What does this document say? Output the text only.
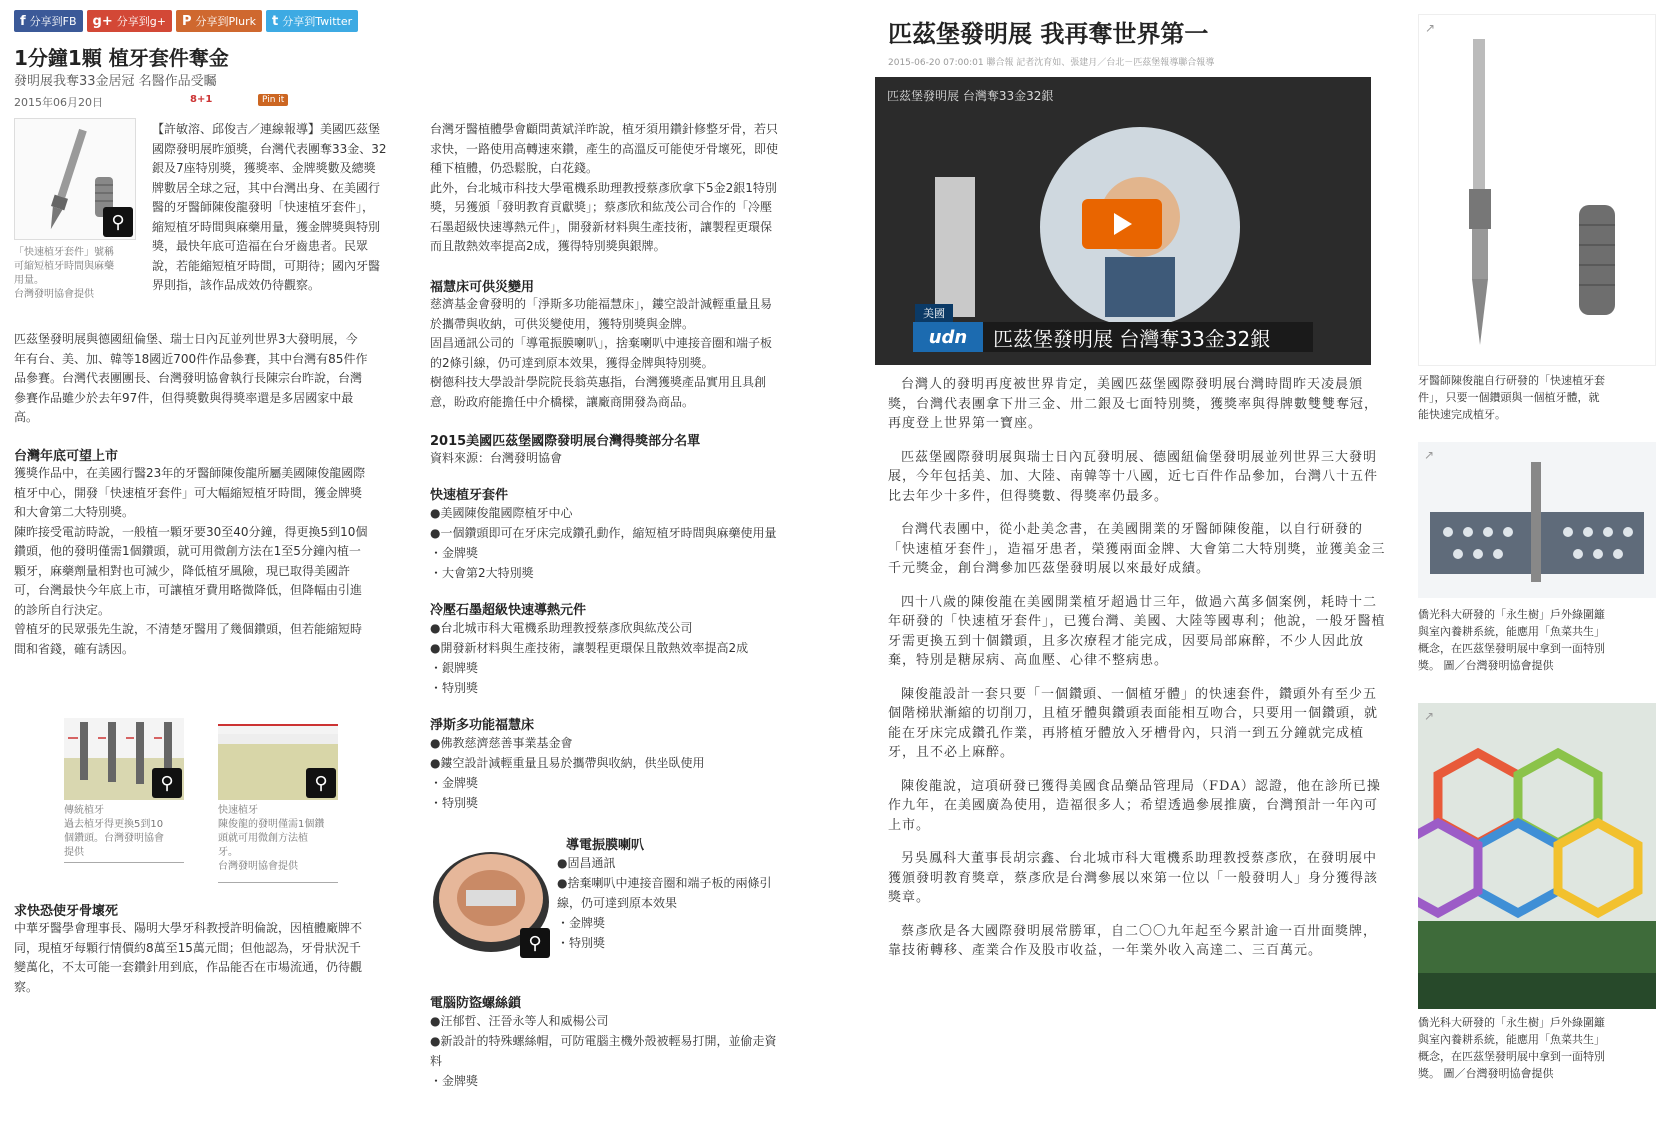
f 分享到FB g+ 分享到g+ P 分享到Plurk t 分享到Twitter
1分鐘1顆 植牙套件奪金
發明展我奪33金居冠 名醫作品受矚
2015年06月20日	8+1	Pin it
⚲
「快速植牙套件」號稱
可縮短植牙時間與麻藥
用量。
台灣發明協會提供

【許敏溶、邱俊吉／連線報導】美國匹茲堡

國際發明展昨頒獎，台灣代表團奪33金、32

銀及7座特別獎，獲獎率、金牌獎數及總獎

牌數居全球之冠，其中台灣出身、在美國行

醫的牙醫師陳俊龍發明「快速植牙套件」，

縮短植牙時間與麻藥用量，獲金牌獎與特別

獎，最快年底可造福在台牙齒患者。民眾

說，若能縮短植牙時間，可期待；國內牙醫

界則指，該作品成效仍待觀察。

匹茲堡發明展與德國紐倫堡、瑞士日內瓦並列世界3大發明展，今

年有台、美、加、韓等18國近700件作品參賽，其中台灣有85件作

品參賽。台灣代表團團長、台灣發明協會執行長陳宗台昨說，台灣

參賽作品雖少於去年97件，但得獎數與得獎率還是多居國家中最

高。

台灣年底可望上市

獲獎作品中，在美國行醫23年的牙醫師陳俊龍所屬美國陳俊龍國際

植牙中心，開發「快速植牙套件」可大幅縮短植牙時間，獲金牌獎

和大會第二大特別獎。

陳昨接受電訪時說，一般植一顆牙要30至40分鐘，得更換5到10個

鑽頭，他的發明僅需1個鑽頭，就可用微創方法在1至5分鐘內植一

顆牙，麻藥劑量相對也可減少，降低植牙風險，現已取得美國許

可，台灣最快今年底上市，可讓植牙費用略微降低，但降幅由引進

的診所自行決定。

曾植牙的民眾張先生說，不清楚牙醫用了幾個鑽頭，但若能縮短時

間和省錢，確有誘因。

⚲
傳統植牙
過去植牙得更換5到10
個鑽頭。台灣發明協會
提供
⚲
快速植牙
陳俊龍的發明僅需1個鑽
頭就可用微創方法植
牙。
台灣發明協會提供
求快恐使牙骨壞死

中華牙醫學會理事長、陽明大學牙科教授許明倫說，因植體廠牌不

同，現植牙每顆行情價約8萬至15萬元間；但他認為，牙骨狀況千

變萬化，不太可能一套鑽針用到底，作品能否在市場流通，仍待觀

察。

台灣牙醫植體學會顧問黃斌洋昨說，植牙須用鑽針修整牙骨，若只

求快，一路使用高轉速來鑽，產生的高溫反可能使牙骨壞死，即使

種下植體，仍恐鬆脫，白花錢。

此外，台北城市科技大學電機系助理教授蔡彥欣拿下5金2銀1特別

獎，另獲頒「發明教育貢獻獎」；蔡彥欣和紘茂公司合作的「冷壓

石墨超級快速導熱元件」，開發新材料與生產技術，讓製程更環保

而且散熱效率提高2成，獲得特別獎與銀牌。

福慧床可供災變用

慈濟基金會發明的「淨斯多功能福慧床」，鏤空設計減輕重量且易

於攜帶與收納，可供災變使用，獲特別獎與金牌。

固昌通訊公司的「導電振膜喇叭」，捨棄喇叭中連接音圈和端子板

的2條引線，仍可達到原本效果，獲得金牌與特別獎。

樹德科技大學設計學院院長翁英惠指，台灣獲獎產品實用且具創

意，盼政府能擔任中介橋樑，讓廠商開發為商品。

2015美國匹茲堡國際發明展台灣得獎部分名單
資料來源：台灣發明協會
快速植牙套件
●美國陳俊龍國際植牙中心
●一個鑽頭即可在牙床完成鑽孔動作，縮短植牙時間與麻藥使用量
・金牌獎
・大會第2大特別獎
冷壓石墨超級快速導熱元件
●台北城市科大電機系助理教授蔡彥欣與紘茂公司
●開發新材料與生產技術，讓製程更環保且散熱效率提高2成
・銀牌獎
・特別獎
淨斯多功能福慧床
●佛教慈濟慈善事業基金會
●鏤空設計減輕重量且易於攜帶與收納，供坐臥使用
・金牌獎
・特別獎
⚲
導電振膜喇叭
●固昌通訊
●捨棄喇叭中連接音圈和端子板的兩條引
線，仍可達到原本效果
・金牌獎
・特別獎
電腦防盜螺絲鎖
●汪郁哲、汪晉永等人和威楊公司
●新設計的特殊螺絲帽，可防電腦主機外殼被輕易打開，並偷走資
料
・金牌獎
匹茲堡發明展 我再奪世界第一
2015-06-20 07:00:01 聯合報 記者沈育如、張建月／台北－匹茲堡報導聯合報導
匹茲堡發明展 台灣奪33金32銀
美國
udn	匹茲堡發明展 台灣奪33金32銀

台灣人的發明再度被世界肯定，美國匹茲堡國際發明展台灣時間昨天凌晨頒獎，台灣代表團拿下卅三金、卅二銀及七面特別獎，獲獎率與得牌數雙雙奪冠，再度登上世界第一寶座。

匹茲堡國際發明展與瑞士日內瓦發明展、德國紐倫堡發明展並列世界三大發明展，今年包括美、加、大陸、南韓等十八國，近七百件作品參加，台灣八十五件比去年少十多件，但得獎數、得獎率仍最多。

台灣代表團中，從小赴美念書，在美國開業的牙醫師陳俊龍，以自行研發的「快速植牙套件」，造福牙患者，榮獲兩面金牌、大會第二大特別獎，並獲美金三千元獎金，創台灣參加匹茲堡發明展以來最好成績。

四十八歲的陳俊龍在美國開業植牙超過廿三年，做過六萬多個案例，耗時十二年研發的「快速植牙套件」，已獲台灣、美國、大陸等國專利；他說，一般牙醫植牙需更換五到十個鑽頭，且多次療程才能完成，因要局部麻醉，不少人因此放棄，特別是糖尿病、高血壓、心律不整病患。

陳俊龍設計一套只要「一個鑽頭、一個植牙體」的快速套件，鑽頭外有至少五個階梯狀漸縮的切削刀，且植牙體與鑽頭表面能相互吻合，只要用一個鑽頭，就能在牙床完成鑽孔作業，再將植牙體放入牙槽骨內，只消一到五分鐘就完成植牙，且不必上麻醉。

陳俊龍說，這項研發已獲得美國食品藥品管理局（FDA）認證，他在診所已操作九年，在美國廣為使用，造福很多人；希望透過參展推廣，台灣預計一年內可上市。

另吳鳳科大董事長胡宗鑫、台北城市科大電機系助理教授蔡彥欣，在發明展中獲頒發明教育獎章，蔡彥欣是台灣參展以來第一位以「一般發明人」身分獲得該獎章。

蔡彥欣是各大國際發明展常勝軍，自二〇〇九年起至今累計逾一百卅面獎牌，靠技術轉移、產業合作及股市收益，一年業外收入高達二、三百萬元。

↗
牙醫師陳俊龍自行研發的「快速植牙套
件」，只要一個鑽頭與一個植牙體，就
能快速完成植牙。
↗
僑光科大研發的「永生樹」戶外綠圍籬
與室內養耕系統，能應用「魚菜共生」
概念，在匹茲堡發明展中拿到一面特別
獎。 圖／台灣發明協會提供
↗
僑光科大研發的「永生樹」戶外綠圍籬
與室內養耕系統，能應用「魚菜共生」
概念，在匹茲堡發明展中拿到一面特別
獎。 圖／台灣發明協會提供
